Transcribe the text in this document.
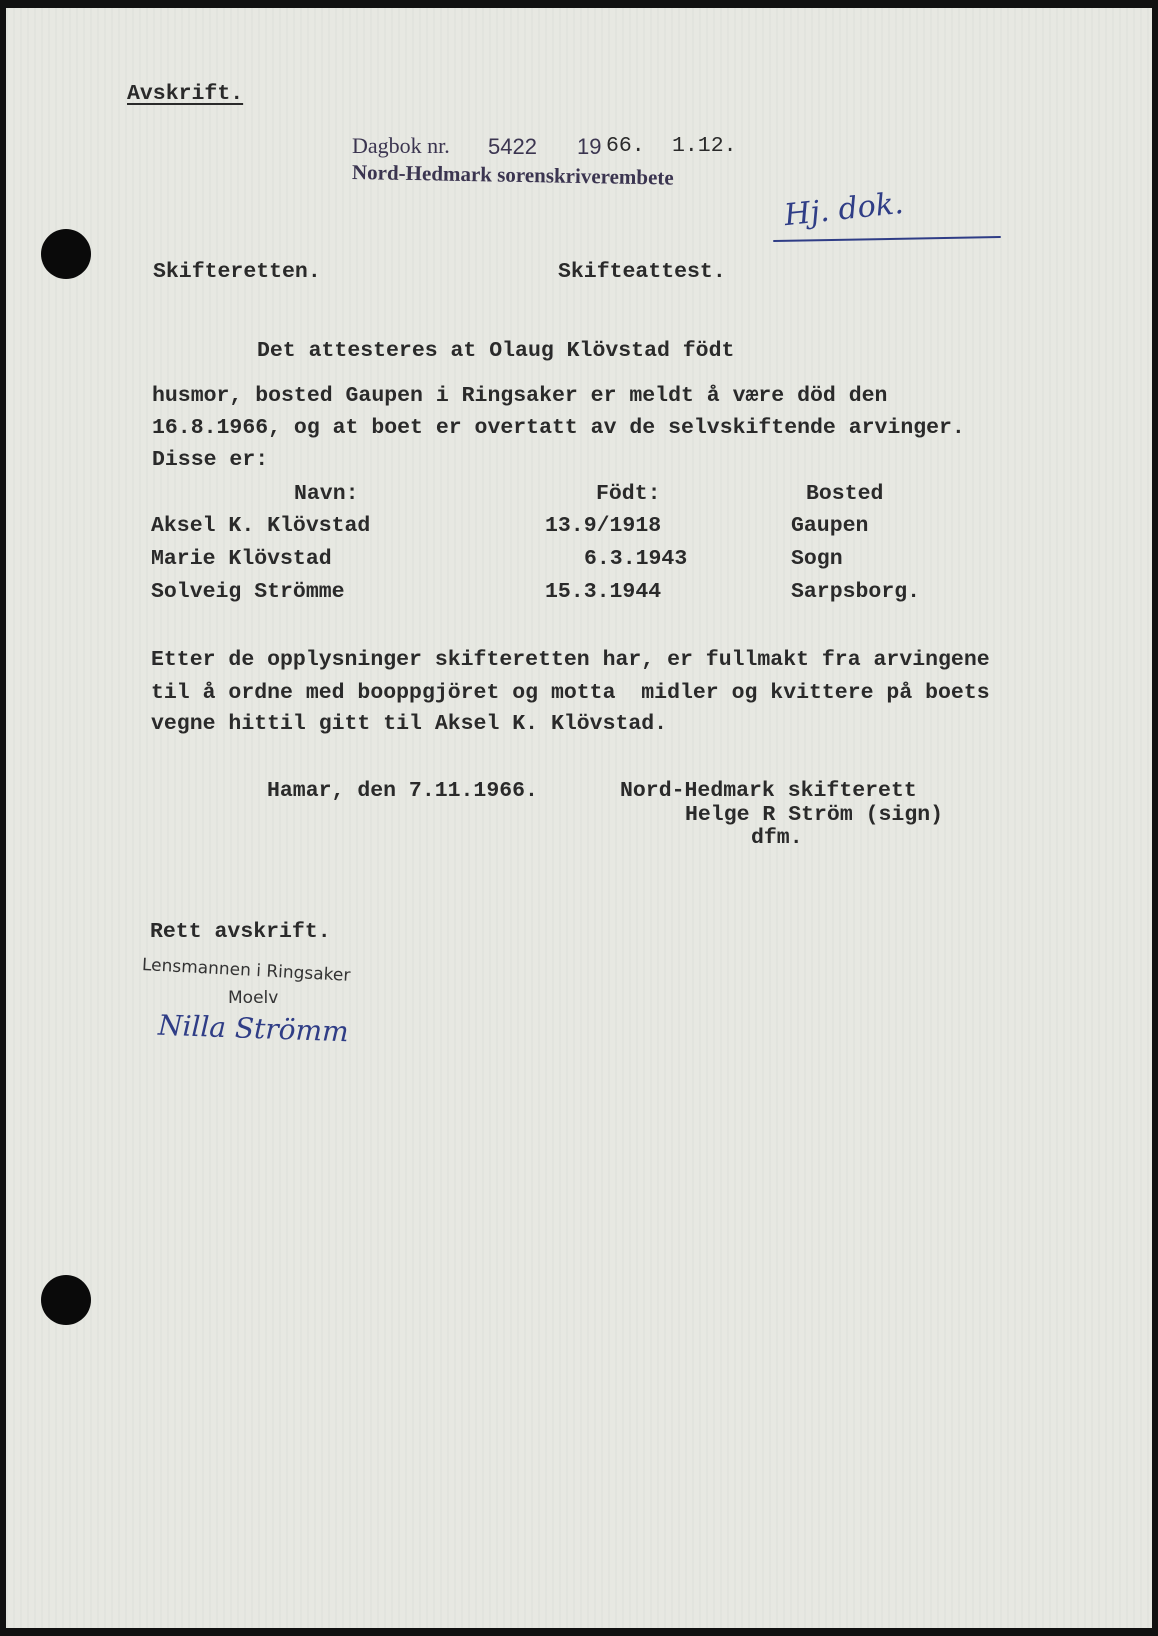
Avskrift.
Dagbok nr. 5422 19 66. 1.12.
Nord-Hedmark sorenskriverembete
Hj. dok.
Skifteretten.	Skifteattest.
Det attesteres at Olaug Klövstad födt
husmor, bosted Gaupen i Ringsaker er meldt å være död den
16.8.1966, og at boet er overtatt av de selvskiftende arvinger.
Disse er:
Navn:	Födt:	Bosted
Aksel K. Klövstad	13.9/1918	Gaupen
Marie Klövstad	6.3.1943	Sogn
Solveig Strömme	15.3.1944	Sarpsborg.
Etter de opplysninger skifteretten har, er fullmakt fra arvingene
til å ordne med booppgjöret og motta  midler og kvittere på boets
vegne hittil gitt til Aksel K. Klövstad.
Hamar, den 7.11.1966.	Nord-Hedmark skifterett
Helge R Ström (sign)
dfm.
Rett avskrift.
Lensmannen i Ringsaker
Moelv
Nilla Strömm
